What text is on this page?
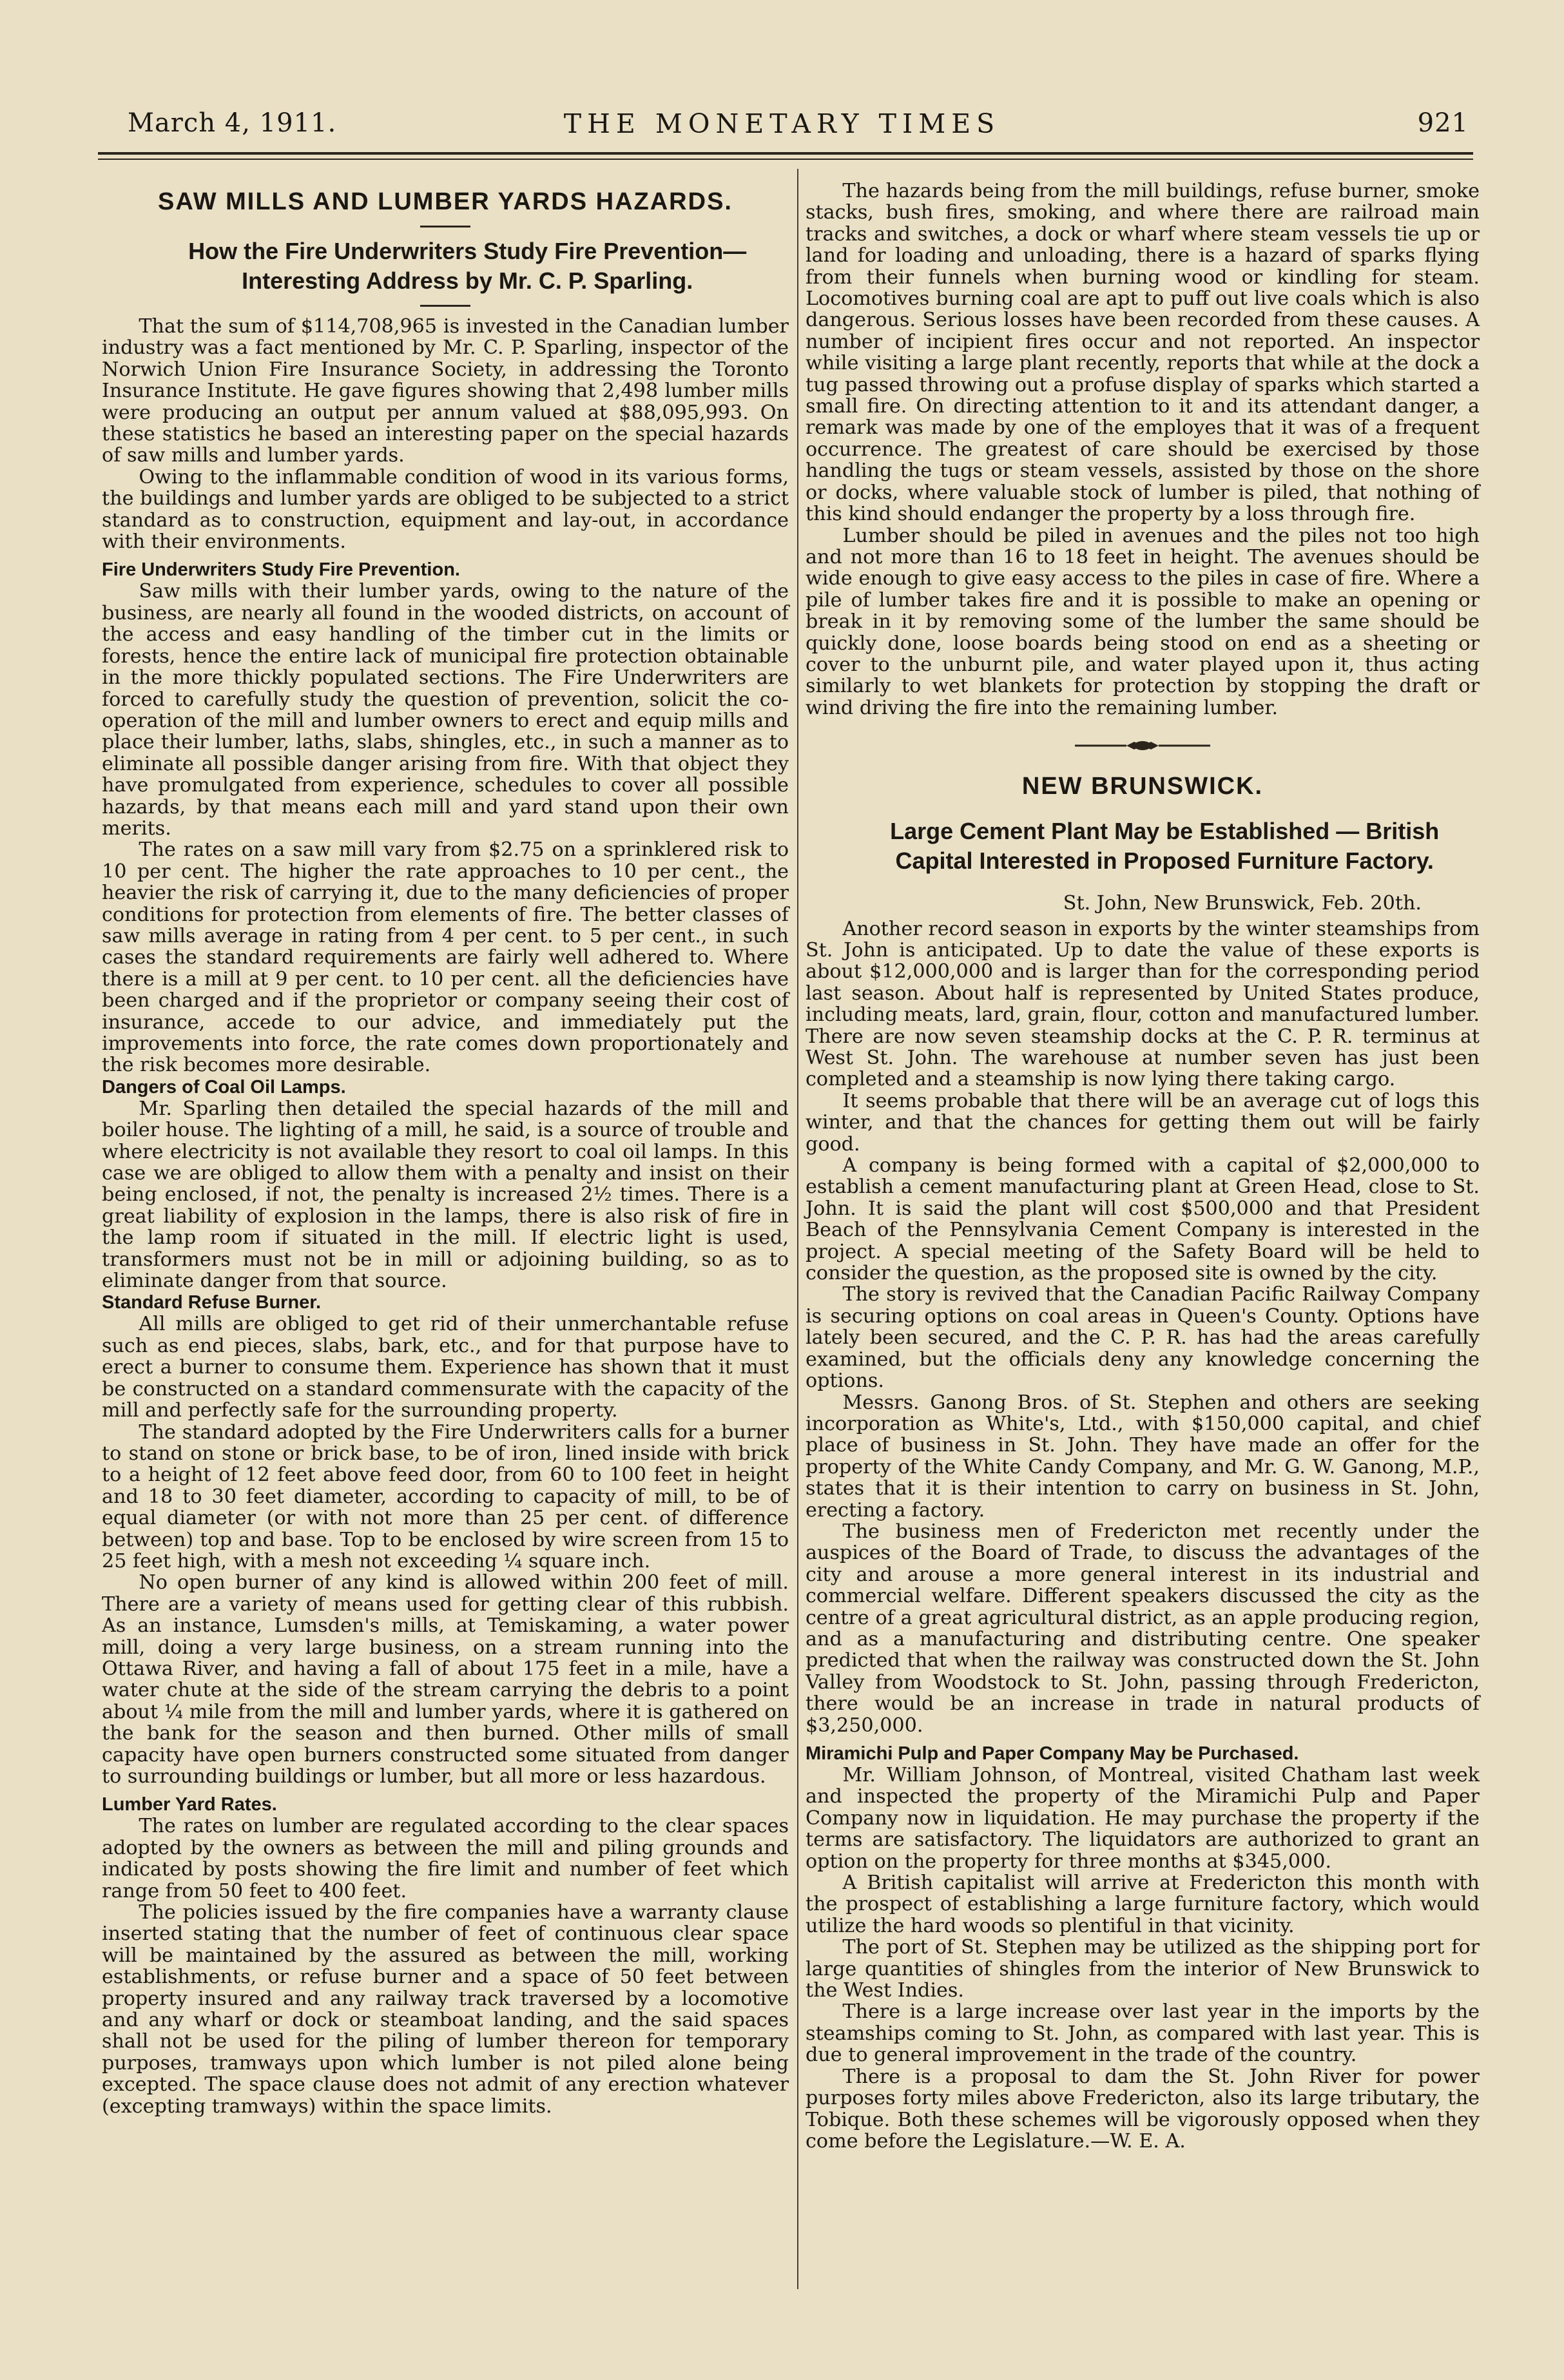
March 4, 1911.	THE MONETARY TIMES	921
SAW MILLS AND LUMBER YARDS HAZARDS.

How the Fire Underwriters Study Fire Prevention—

Interesting Address by Mr. C. P. Sparling.

That the sum of $114,708,965 is invested in the Canadian lumber industry was a fact mentioned by Mr. C. P. Sparling, inspector of the Norwich Union Fire Insurance Society, in addressing the Toronto Insurance Institute. He gave figures showing that 2,498 lumber mills were producing an output per annum valued at $88,095,993. On these statistics he based an interesting paper on the special hazards of saw mills and lumber yards.

Owing to the inflammable condition of wood in its various forms, the buildings and lumber yards are obliged to be subjected to a strict standard as to construction, equipment and lay-out, in accordance with their environments.

Fire Underwriters Study Fire Prevention.

Saw mills with their lumber yards, owing to the nature of the business, are nearly all found in the wooded districts, on account of the access and easy handling of the timber cut in the limits or forests, hence the entire lack of municipal fire protection obtainable in the more thickly populated sections. The Fire Underwriters are forced to carefully study the question of prevention, solicit the co-operation of the mill and lumber owners to erect and equip mills and place their lumber, laths, slabs, shingles, etc., in such a manner as to eliminate all possible danger arising from fire. With that object they have promulgated from experience, schedules to cover all possible hazards, by that means each mill and yard stand upon their own merits.

The rates on a saw mill vary from $2.75 on a sprinklered risk to 10 per cent. The higher the rate approaches to 10 per cent., the heavier the risk of carrying it, due to the many deficiencies of proper conditions for protection from elements of fire. The better classes of saw mills average in rating from 4 per cent. to 5 per cent., in such cases the standard requirements are fairly well adhered to. Where there is a mill at 9 per cent. to 10 per cent. all the deficiencies have been charged and if the proprietor or company seeing their cost of insurance, accede to our advice, and immediately put the improvements into force, the rate comes down proportionately and the risk becomes more desirable.

Dangers of Coal Oil Lamps.

Mr. Sparling then detailed the special hazards of the mill and boiler house. The lighting of a mill, he said, is a source of trouble and where electricity is not available they resort to coal oil lamps. In this case we are obliged to allow them with a penalty and insist on their being enclosed, if not, the penalty is increased 2½ times. There is a great liability of explosion in the lamps, there is also risk of fire in the lamp room if situated in the mill. If electric light is used, transformers must not be in mill or adjoining building, so as to eliminate danger from that source.

Standard Refuse Burner.

All mills are obliged to get rid of their unmerchantable refuse such as end pieces, slabs, bark, etc., and for that purpose have to erect a burner to consume them. Experience has shown that it must be constructed on a standard commensurate with the capacity of the mill and perfectly safe for the surrounding property.

The standard adopted by the Fire Underwriters calls for a burner to stand on stone or brick base, to be of iron, lined inside with brick to a height of 12 feet above feed door, from 60 to 100 feet in height and 18 to 30 feet diameter, according to capacity of mill, to be of equal diameter (or with not more than 25 per cent. of difference between) top and base. Top to be enclosed by wire screen from 15 to 25 feet high, with a mesh not exceeding ¼ square inch.

No open burner of any kind is allowed within 200 feet of mill. There are a variety of means used for getting clear of this rubbish. As an instance, Lumsden's mills, at Temiskaming, a water power mill, doing a very large business, on a stream running into the Ottawa River, and having a fall of about 175 feet in a mile, have a water chute at the side of the stream carrying the debris to a point about ¼ mile from the mill and lumber yards, where it is gathered on the bank for the season and then burned. Other mills of small capacity have open burners constructed some situated from danger to surrounding buildings or lumber, but all more or less hazardous.

Lumber Yard Rates.

The rates on lumber are regulated according to the clear spaces adopted by the owners as between the mill and piling grounds and indicated by posts showing the fire limit and number of feet which range from 50 feet to 400 feet.

The policies issued by the fire companies have a warranty clause inserted stating that the number of feet of continuous clear space will be maintained by the assured as between the mill, working establishments, or refuse burner and a space of 50 feet between property insured and any railway track traversed by a locomotive and any wharf or dock or steamboat landing, and the said spaces shall not be used for the piling of lumber thereon for temporary purposes, tramways upon which lumber is not piled alone being excepted. The space clause does not admit of any erection whatever (excepting tramways) within the space limits.

The hazards being from the mill buildings, refuse burner, smoke stacks, bush fires, smoking, and where there are railroad main tracks and switches, a dock or wharf where steam vessels tie up or land for loading and unloading, there is a hazard of sparks flying from their funnels when burning wood or kindling for steam. Locomotives burning coal are apt to puff out live coals which is also dangerous. Serious losses have been recorded from these causes. A number of incipient fires occur and not reported. An inspector while visiting a large plant recently, reports that while at the dock a tug passed throwing out a profuse display of sparks which started a small fire. On directing attention to it and its attendant danger, a remark was made by one of the employes that it was of a frequent occurrence. The greatest of care should be exercised by those handling the tugs or steam vessels, assisted by those on the shore or docks, where valuable stock of lumber is piled, that nothing of this kind should endanger the property by a loss through fire.

Lumber should be piled in avenues and the piles not too high and not more than 16 to 18 feet in height. The avenues should be wide enough to give easy access to the piles in case of fire. Where a pile of lumber takes fire and it is possible to make an opening or break in it by removing some of the lumber the same should be quickly done, loose boards being stood on end as a sheeting or cover to the unburnt pile, and water played upon it, thus acting similarly to wet blankets for protection by stopping the draft or wind driving the fire into the remaining lumber.

NEW BRUNSWICK.

Large Cement Plant May be Established — British

Capital Interested in Proposed Furniture Factory.

St. John, New Brunswick, Feb. 20th.

Another record season in exports by the winter steamships from St. John is anticipated. Up to date the value of these exports is about $12,000,000 and is larger than for the corresponding period last season. About half is represented by United States produce, including meats, lard, grain, flour, cotton and manufactured lumber. There are now seven steamship docks at the C. P. R. terminus at West St. John. The warehouse at number seven has just been completed and a steamship is now lying there taking cargo.

It seems probable that there will be an average cut of logs this winter, and that the chances for getting them out will be fairly good.

A company is being formed with a capital of $2,000,000 to establish a cement manufacturing plant at Green Head, close to St. John. It is said the plant will cost $500,000 and that President Beach of the Pennsylvania Cement Company is interested in the project. A special meeting of the Safety Board will be held to consider the question, as the proposed site is owned by the city.

The story is revived that the Canadian Pacific Railway Company is securing options on coal areas in Queen's County. Options have lately been secured, and the C. P. R. has had the areas carefully examined, but the officials deny any knowledge concerning the options.

Messrs. Ganong Bros. of St. Stephen and others are seeking incorporation as White's, Ltd., with $150,000 capital, and chief place of business in St. John. They have made an offer for the property of the White Candy Company, and Mr. G. W. Ganong, M.P., states that it is their intention to carry on business in St. John, erecting a factory.

The business men of Fredericton met recently under the auspices of the Board of Trade, to discuss the advantages of the city and arouse a more general interest in its industrial and commercial welfare. Different speakers discussed the city as the centre of a great agricultural district, as an apple producing region, and as a manufacturing and distributing centre. One speaker predicted that when the railway was constructed down the St. John Valley from Woodstock to St. John, passing through Fredericton, there would be an increase in trade in natural products of $3,250,000.

Miramichi Pulp and Paper Company May be Purchased.

Mr. William Johnson, of Montreal, visited Chatham last week and inspected the property of the Miramichi Pulp and Paper Company now in liquidation. He may purchase the property if the terms are satisfactory. The liquidators are authorized to grant an option on the property for three months at $345,000.

A British capitalist will arrive at Fredericton this month with the prospect of establishing a large furniture factory, which would utilize the hard woods so plentiful in that vicinity.

The port of St. Stephen may be utilized as the shipping port for large quantities of shingles from the interior of New Brunswick to the West Indies.

There is a large increase over last year in the imports by the steamships coming to St. John, as compared with last year. This is due to general improvement in the trade of the country.

There is a proposal to dam the St. John River for power purposes forty miles above Fredericton, also its large tributary, the Tobique. Both these schemes will be vigorously opposed when they come before the Legislature.—W. E. A.
